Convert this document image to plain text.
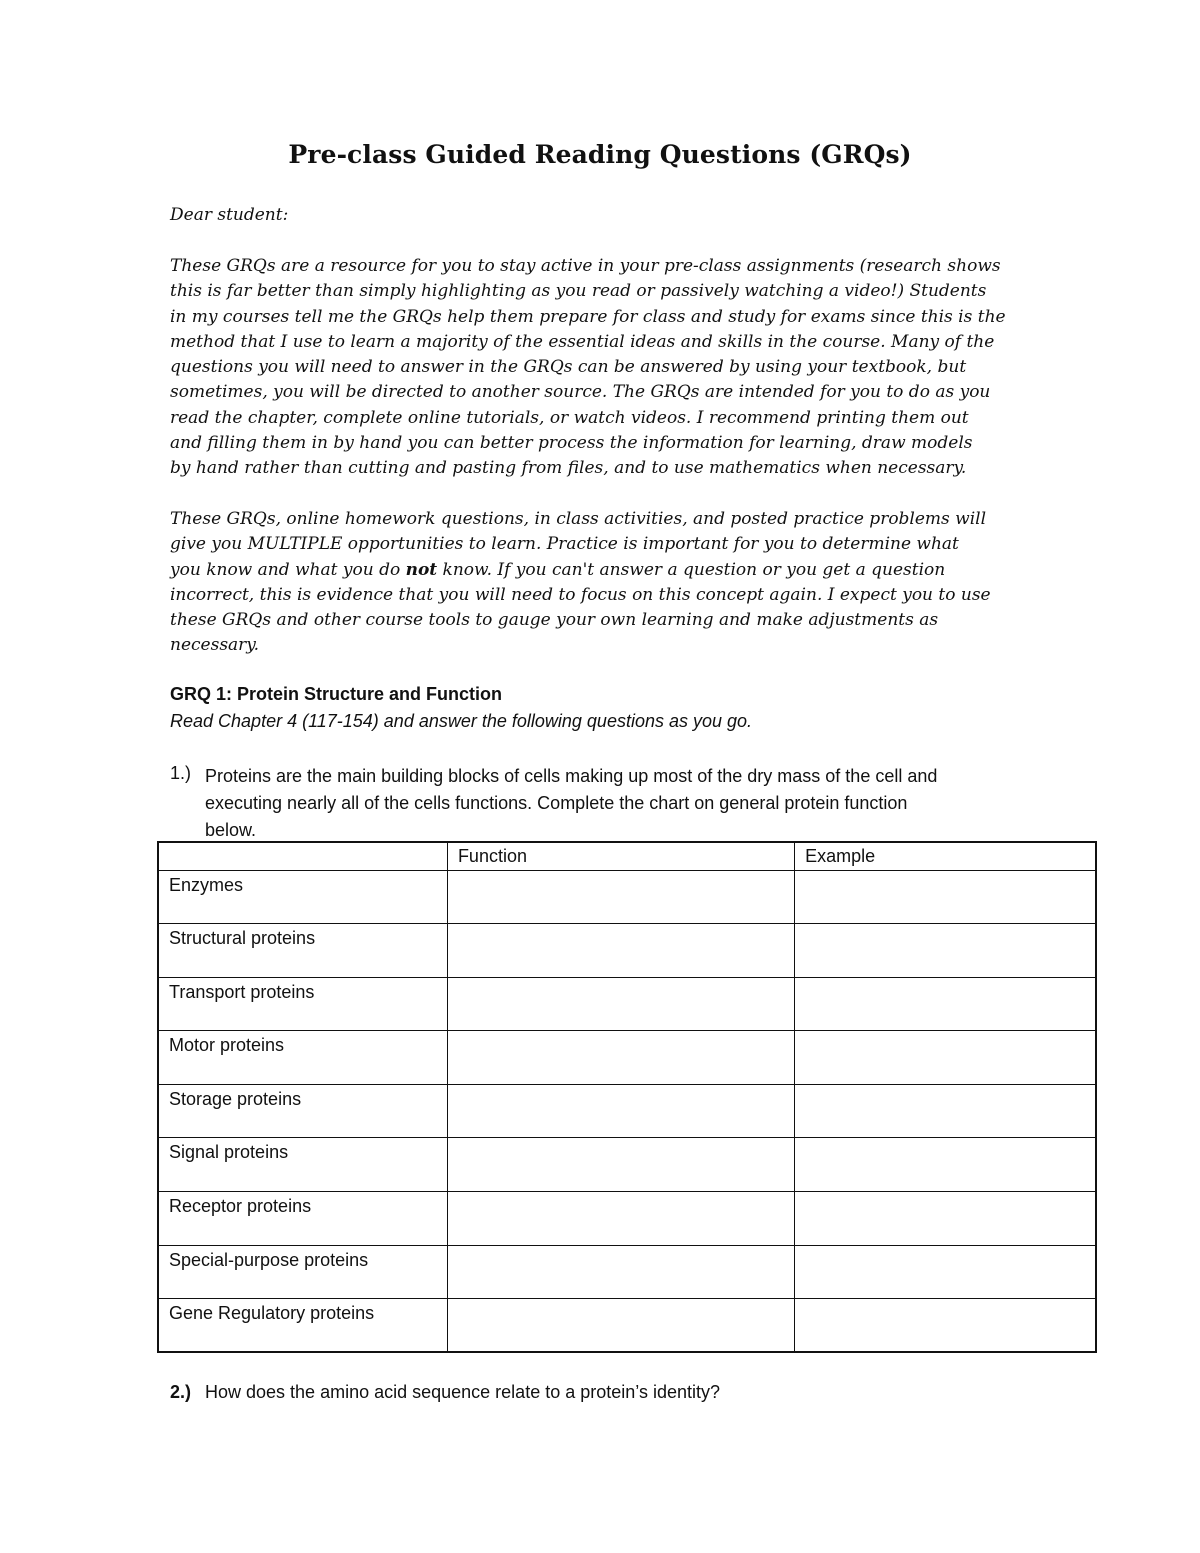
Pre-class Guided Reading Questions (GRQs)
Dear student:
These GRQs are a resource for you to stay active in your pre-class assignments (research shows
this is far better than simply highlighting as you read or passively watching a video!) Students
in my courses tell me the GRQs help them prepare for class and study for exams since this is the
method that I use to learn a majority of the essential ideas and skills in the course. Many of the
questions you will need to answer in the GRQs can be answered by using your textbook, but
sometimes, you will be directed to another source. The GRQs are intended for you to do as you
read the chapter, complete online tutorials, or watch videos. I recommend printing them out
and filling them in by hand you can better process the information for learning, draw models
by hand rather than cutting and pasting from files, and to use mathematics when necessary.
These GRQs, online homework questions, in class activities, and posted practice problems will
give you MULTIPLE opportunities to learn. Practice is important for you to determine what
you know and what you do not know. If you can't answer a question or you get a question
incorrect, this is evidence that you will need to focus on this concept again. I expect you to use
these GRQs and other course tools to gauge your own learning and make adjustments as
necessary.
GRQ 1: Protein Structure and Function
Read Chapter 4 (117-154) and answer the following questions as you go.
1.) Proteins are the main building blocks of cells making up most of the dry mass of the cell and
executing nearly all of the cells functions. Complete the chart on general protein function
below.
	Function	Example
Enzymes		
Structural proteins		
Transport proteins		
Motor proteins		
Storage proteins		
Signal proteins		
Receptor proteins		
Special-purpose proteins		
Gene Regulatory proteins		
2.) How does the amino acid sequence relate to a protein’s identity?
